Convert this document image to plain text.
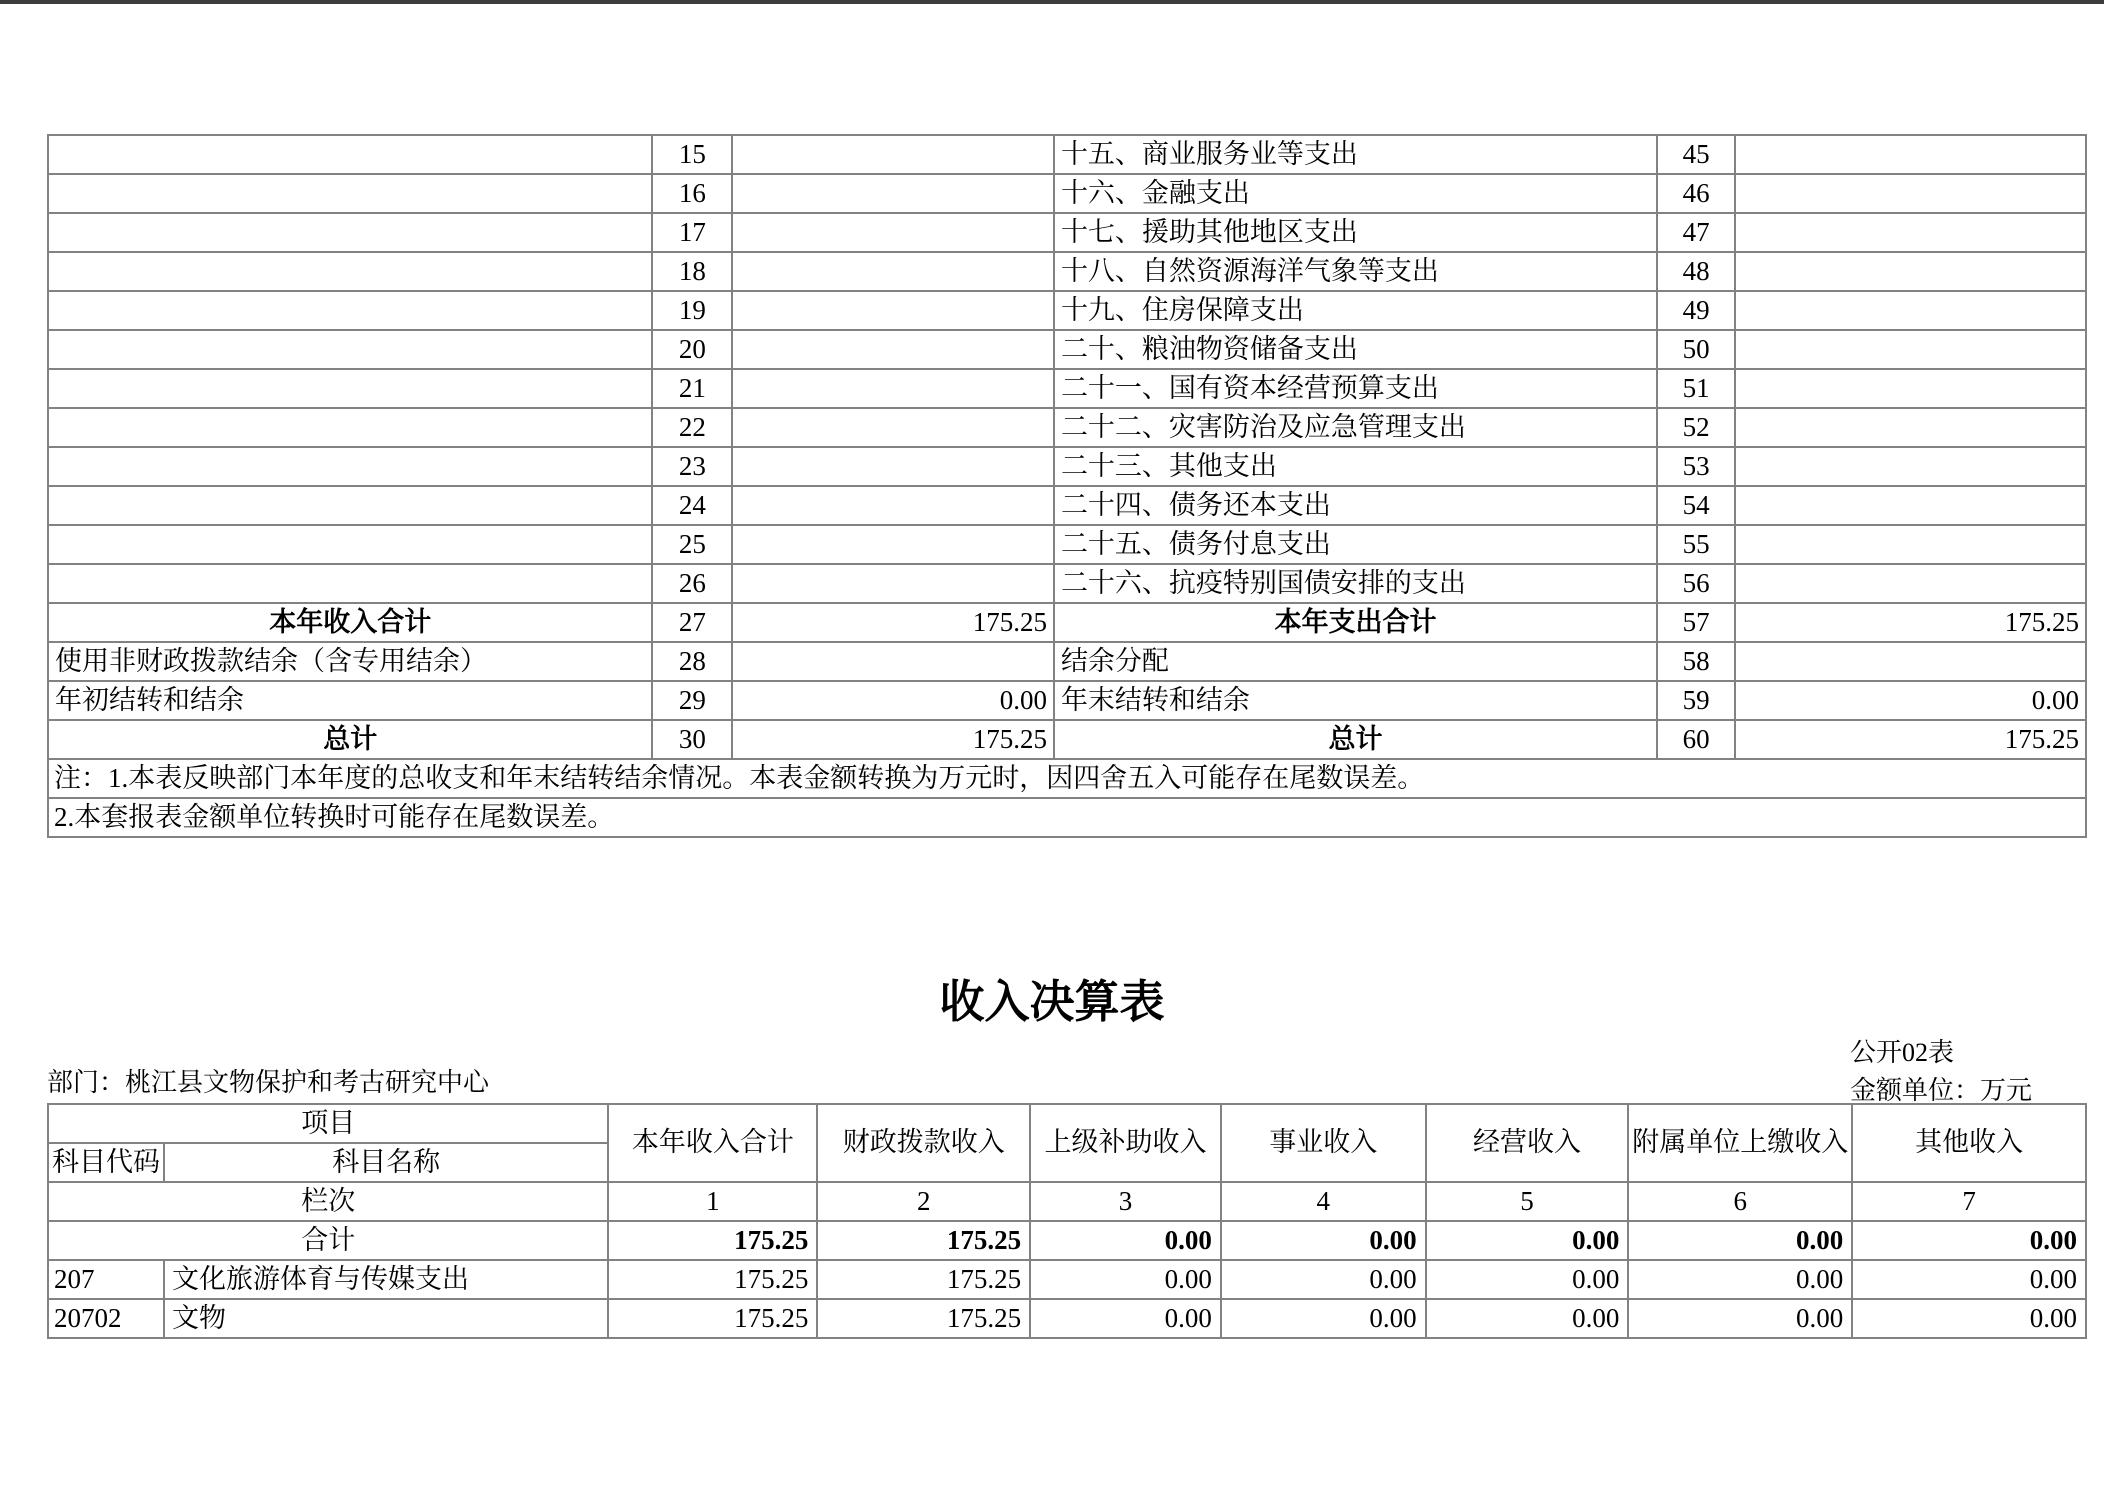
	15		十五、商业服务业等支出	45	
	16		十六、金融支出	46	
	17		十七、援助其他地区支出	47	
	18		十八、自然资源海洋气象等支出	48	
	19		十九、住房保障支出	49	
	20		二十、粮油物资储备支出	50	
	21		二十一、国有资本经营预算支出	51	
	22		二十二、灾害防治及应急管理支出	52	
	23		二十三、其他支出	53	
	24		二十四、债务还本支出	54	
	25		二十五、债务付息支出	55	
	26		二十六、抗疫特别国债安排的支出	56	
本年收入合计	27	175.25	本年支出合计	57	175.25
使用非财政拨款结余（含专用结余）	28		结余分配	58	
年初结转和结余	29	0.00	年末结转和结余	59	0.00
总计	30	175.25	总计	60	175.25
注：1.本表反映部门本年度的总收支和年末结转结余情况。本表金额转换为万元时，因四舍五入可能存在尾数误差。					
2.本套报表金额单位转换时可能存在尾数误差。					
收入决算表
公开02表
金额单位：万元
部门：桃江县文物保护和考古研究中心
项目		本年收入合计	财政拨款收入	上级补助收入	事业收入	经营收入	附属单位上缴收入	其他收入
科目代码	科目名称							
栏次		1	2	3	4	5	6	7
合计		175.25	175.25	0.00	0.00	0.00	0.00	0.00
207	文化旅游体育与传媒支出	175.25	175.25	0.00	0.00	0.00	0.00	0.00
20702	文物	175.25	175.25	0.00	0.00	0.00	0.00	0.00
